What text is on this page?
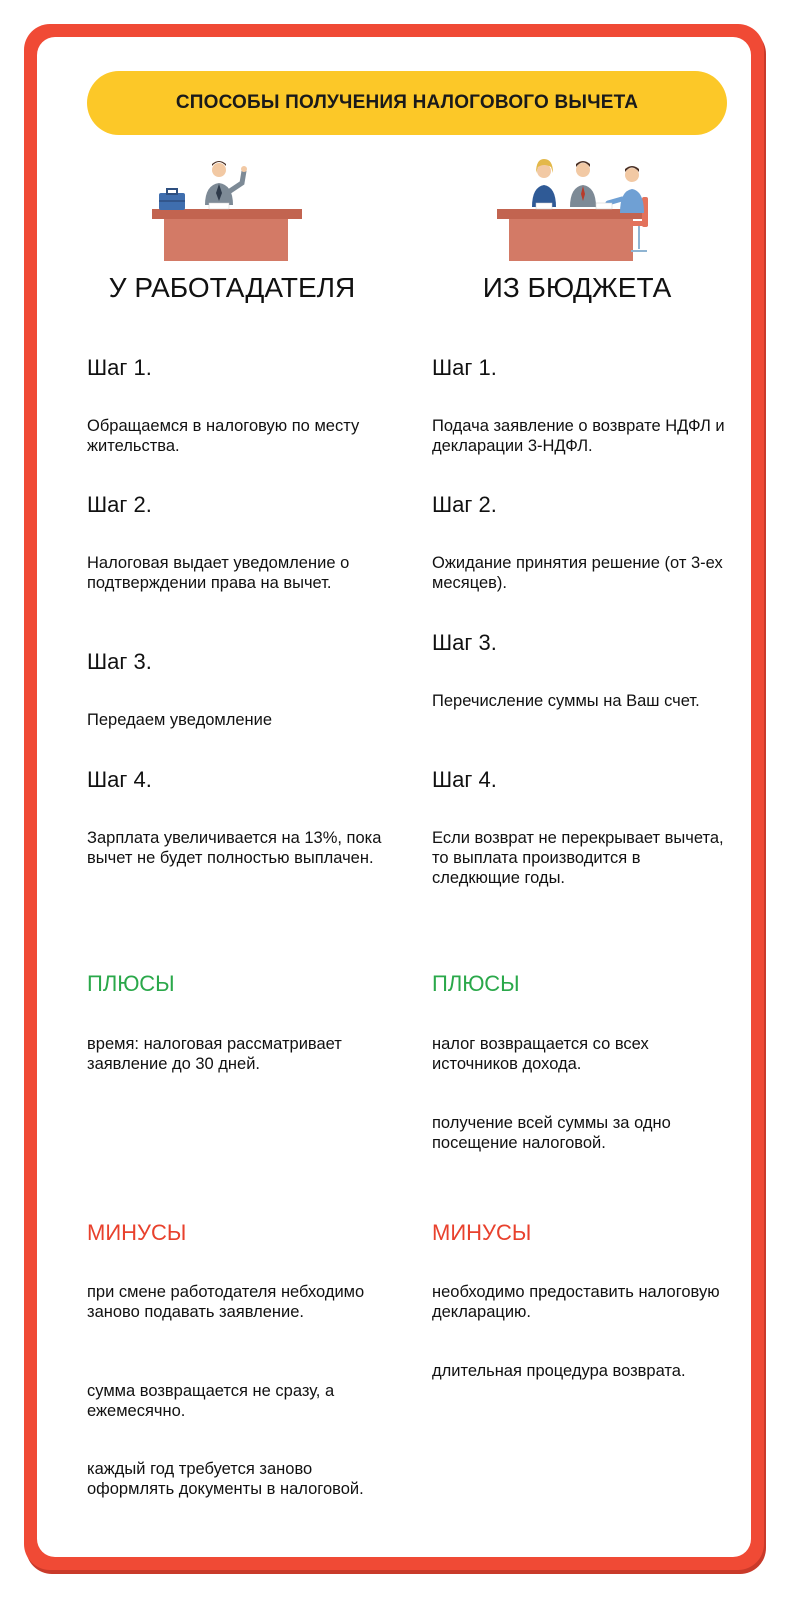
СПОСОБЫ ПОЛУЧЕНИЯ НАЛОГОВОГО ВЫЧЕТА
У РАБОТАДАТЕЛЯ
Шаг 1.
Обращаемся в налоговую по месту жительства.
Шаг 2.
Налоговая выдает уведомление о подтверждении права на вычет.
Шаг 3.
Передаем уведомление
Шаг 4.
Зарплата увеличивается на 13%, пока вычет не будет полностью выплачен.
ПЛЮСЫ
время: налоговая рассматривает заявление до 30 дней.
МИНУСЫ
при смене работодателя небходимо заново подавать заявление.
сумма возвращается не сразу, а ежемесячно.
каждый год требуется заново оформлять документы в налоговой.
ИЗ БЮДЖЕТА
Шаг 1.
Подача заявление о возврате НДФЛ и декларации 3-НДФЛ.
Шаг 2.
Ожидание принятия решение (от 3-ех месяцев).
Шаг 3.
Перечисление суммы на Ваш счет.
Шаг 4.
Если возврат не перекрывает вычета, то выплата производится в следкющие годы.
ПЛЮСЫ
налог возвращается со всех источников дохода.
получение всей суммы за одно посещение налоговой.
МИНУСЫ
необходимо предоставить налоговую декларацию.
длительная процедура возврата.
